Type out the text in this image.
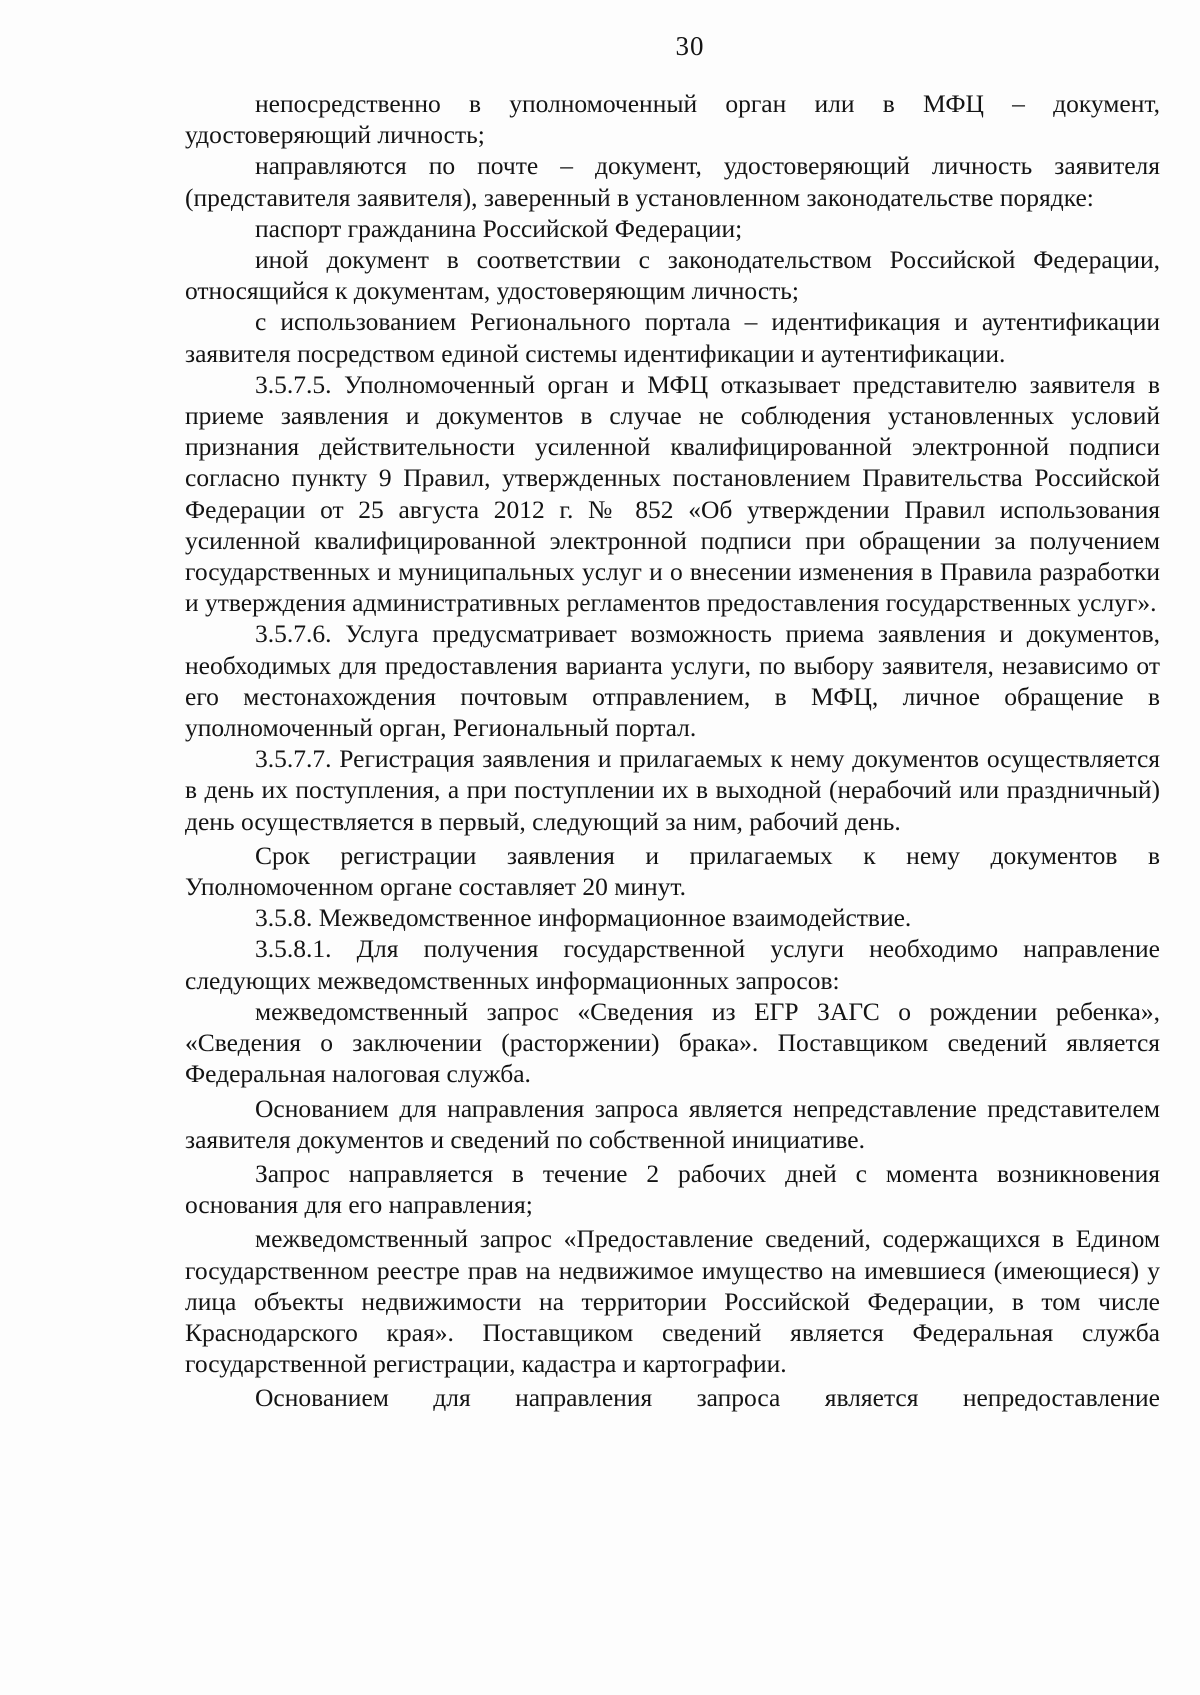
30

непосредственно в уполномоченный орган или в МФЦ – документ, удостоверяющий личность;

направляются по почте – документ, удостоверяющий личность заявителя (представителя заявителя), заверенный в установленном законодательстве порядке:

паспорт гражданина Российской Федерации;

иной документ в соответствии с законодательством Российской Федерации, относящийся к документам, удостоверяющим личность;

с использованием Регионального портала – идентификация и аутентификации заявителя посредством единой системы идентификации и аутентификации.

3.5.7.5. Уполномоченный орган и МФЦ отказывает представителю заявителя в приеме заявления и документов в случае не соблюдения установленных условий признания действительности усиленной квалифицированной электронной подписи согласно пункту 9 Правил, утвержденных постановлением Правительства Российской Федерации от 25 августа 2012 г. № 852 «Об утверждении Правил использования усиленной квалифицированной электронной подписи при обращении за получением государственных и муниципальных услуг и о внесении изменения в Правила разработки и утверждения административных регламентов предоставления государственных услуг».

3.5.7.6. Услуга предусматривает возможность приема заявления и документов, необходимых для предоставления варианта услуги, по выбору заявителя, независимо от его местонахождения почтовым отправлением, в МФЦ, личное обращение в уполномоченный орган, Региональный портал.

3.5.7.7. Регистрация заявления и прилагаемых к нему документов осуществляется в день их поступления, а при поступлении их в выходной (нерабочий или праздничный) день осуществляется в первый, следующий за ним, рабочий день.

Срок регистрации заявления и прилагаемых к нему документов в Уполномоченном органе составляет 20 минут.

3.5.8. Межведомственное информационное взаимодействие.

3.5.8.1. Для получения государственной услуги необходимо направление следующих межведомственных информационных запросов:

межведомственный запрос «Сведения из ЕГР ЗАГС о рождении ребенка», «Сведения о заключении (расторжении) брака». Поставщиком сведений является Федеральная налоговая служба.

Основанием для направления запроса является непредставление представителем заявителя документов и сведений по собственной инициативе.

Запрос направляется в течение 2 рабочих дней с момента возникновения основания для его направления;

межведомственный запрос «Предоставление сведений, содержащихся в Едином государственном реестре прав на недвижимое имущество на имевшиеся (имеющиеся) у лица объекты недвижимости на территории Российской Федерации, в том числе Краснодарского края». Поставщиком сведений является Федеральная служба государственной регистрации, кадастра и картографии.

Основанием для направления запроса является непредоставление
